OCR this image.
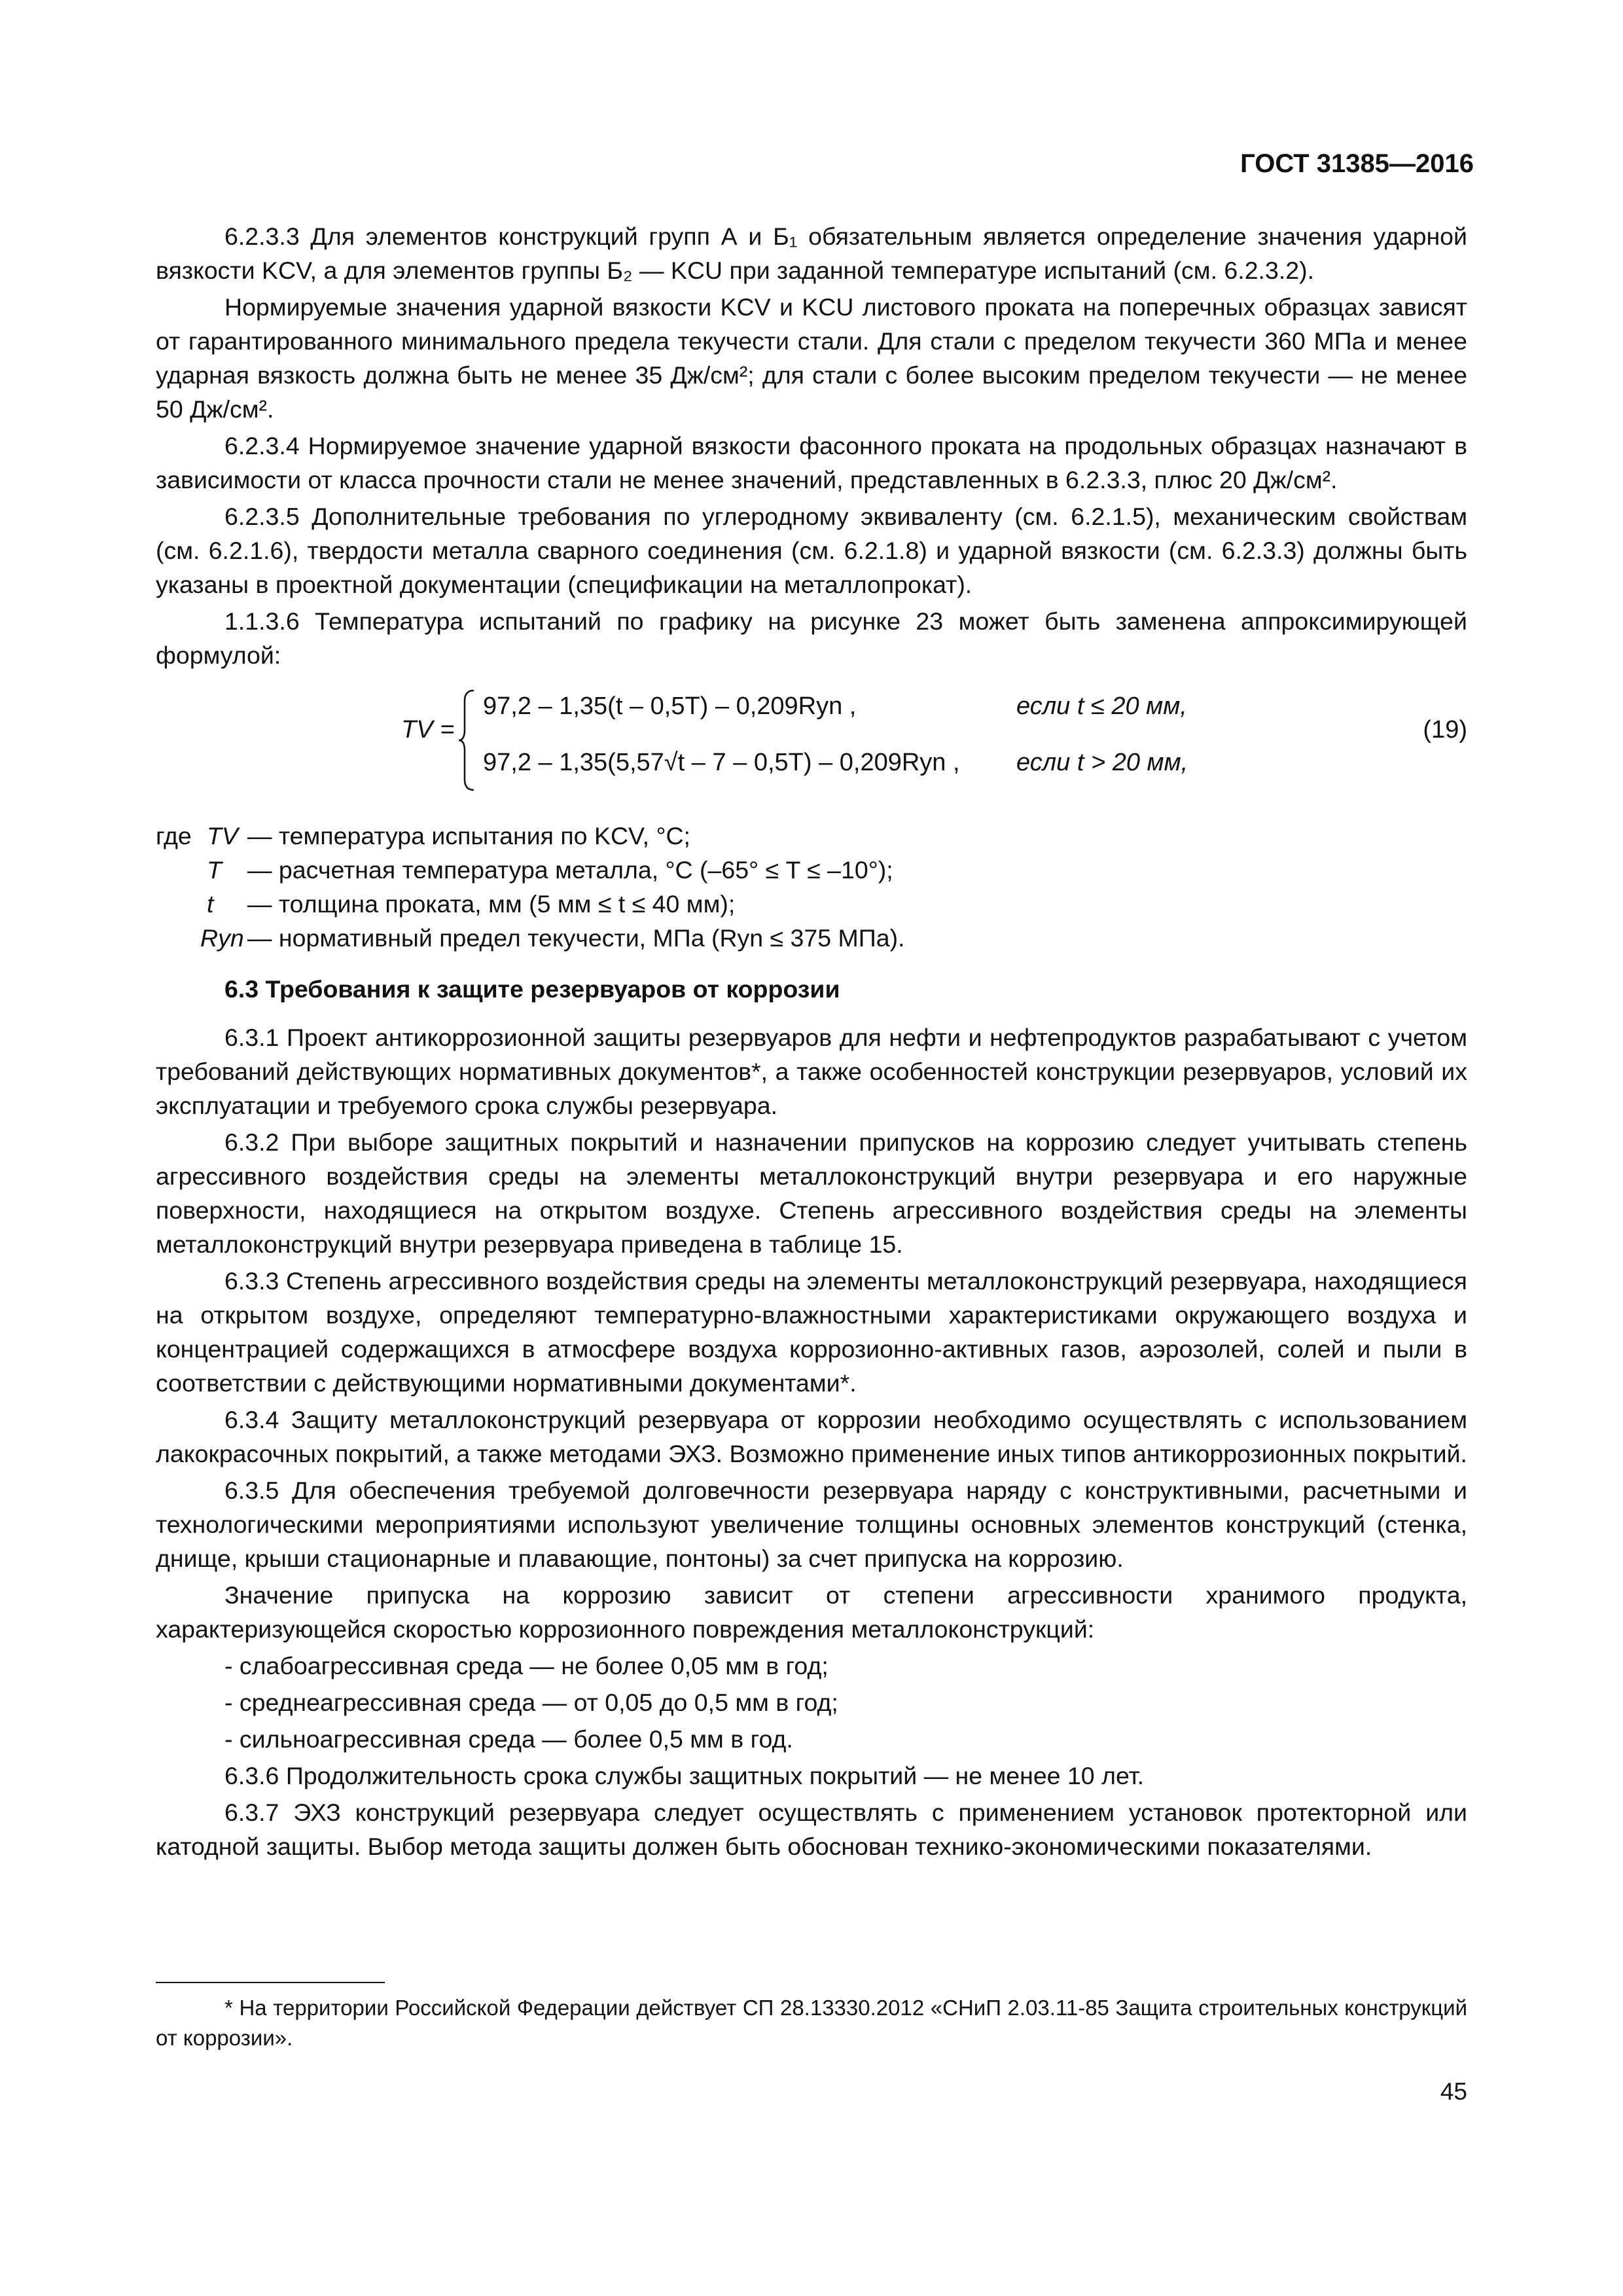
ГОСТ 31385—2016

6.2.3.3 Для элементов конструкций групп А и Б₁ обязательным является определение значения ударной вязкости KCV, а для элементов группы Б₂ — KCU при заданной температуре испытаний (см. 6.2.3.2).

Нормируемые значения ударной вязкости KCV и KCU листового проката на поперечных образцах зависят от гарантированного минимального предела текучести стали. Для стали с пределом текучести 360 МПа и менее ударная вязкость должна быть не менее 35 Дж/см²; для стали с более высоким пределом текучести — не менее 50 Дж/см².

6.2.3.4 Нормируемое значение ударной вязкости фасонного проката на продольных образцах назначают в зависимости от класса прочности стали не менее значений, представленных в 6.2.3.3, плюс 20 Дж/см².

6.2.3.5 Дополнительные требования по углеродному эквиваленту (см. 6.2.1.5), механическим свойствам (см. 6.2.1.6), твердости металла сварного соединения (см. 6.2.1.8) и ударной вязкости (см. 6.2.3.3) должны быть указаны в проектной документации (спецификации на металлопрокат).

1.1.3.6 Температура испытаний по графику на рисунке 23 может быть заменена аппроксимирующей формулой:

TV =
97,2 – 1,35(t – 0,5T) – 0,209Ryn ,	если t ≤ 20 мм,
97,2 – 1,35(5,57√t – 7 – 0,5T) – 0,209Ryn , если t > 20 мм,
(19)
где TV — температура испытания по KCV, °С;
T	— расчетная температура металла, °С (–65° ≤ T ≤ –10°);
t	— толщина проката, мм (5 мм ≤ t ≤ 40 мм);
Ryn — нормативный предел текучести, МПа (Ryn ≤ 375 МПа).

6.3 Требования к защите резервуаров от коррозии

6.3.1 Проект антикоррозионной защиты резервуаров для нефти и нефтепродуктов разрабатывают с учетом требований действующих нормативных документов*, а также особенностей конструкции резервуаров, условий их эксплуатации и требуемого срока службы резервуара.

6.3.2 При выборе защитных покрытий и назначении припусков на коррозию следует учитывать степень агрессивного воздействия среды на элементы металлоконструкций внутри резервуара и его наружные поверхности, находящиеся на открытом воздухе. Степень агрессивного воздействия среды на элементы металлоконструкций внутри резервуара приведена в таблице 15.

6.3.3 Степень агрессивного воздействия среды на элементы металлоконструкций резервуара, находящиеся на открытом воздухе, определяют температурно-влажностными характеристиками окружающего воздуха и концентрацией содержащихся в атмосфере воздуха коррозионно-активных газов, аэрозолей, солей и пыли в соответствии с действующими нормативными документами*.

6.3.4 Защиту металлоконструкций резервуара от коррозии необходимо осуществлять с использованием лакокрасочных покрытий, а также методами ЭХЗ. Возможно применение иных типов антикоррозионных покрытий.

6.3.5 Для обеспечения требуемой долговечности резервуара наряду с конструктивными, расчетными и технологическими мероприятиями используют увеличение толщины основных элементов конструкций (стенка, днище, крыши стационарные и плавающие, понтоны) за счет припуска на коррозию.

Значение припуска на коррозию зависит от степени агрессивности хранимого продукта, характеризующейся скоростью коррозионного повреждения металлоконструкций:

- слабоагрессивная среда — не более 0,05 мм в год;
- среднеагрессивная среда — от 0,05 до 0,5 мм в год;
- сильноагрессивная среда — более 0,5 мм в год.

6.3.6 Продолжительность срока службы защитных покрытий — не менее 10 лет.

6.3.7 ЭХЗ конструкций резервуара следует осуществлять с применением установок протекторной или катодной защиты. Выбор метода защиты должен быть обоснован технико-экономическими показателями.

* На территории Российской Федерации действует СП 28.13330.2012 «СНиП 2.03.11-85 Защита строительных конструкций от коррозии».
45
